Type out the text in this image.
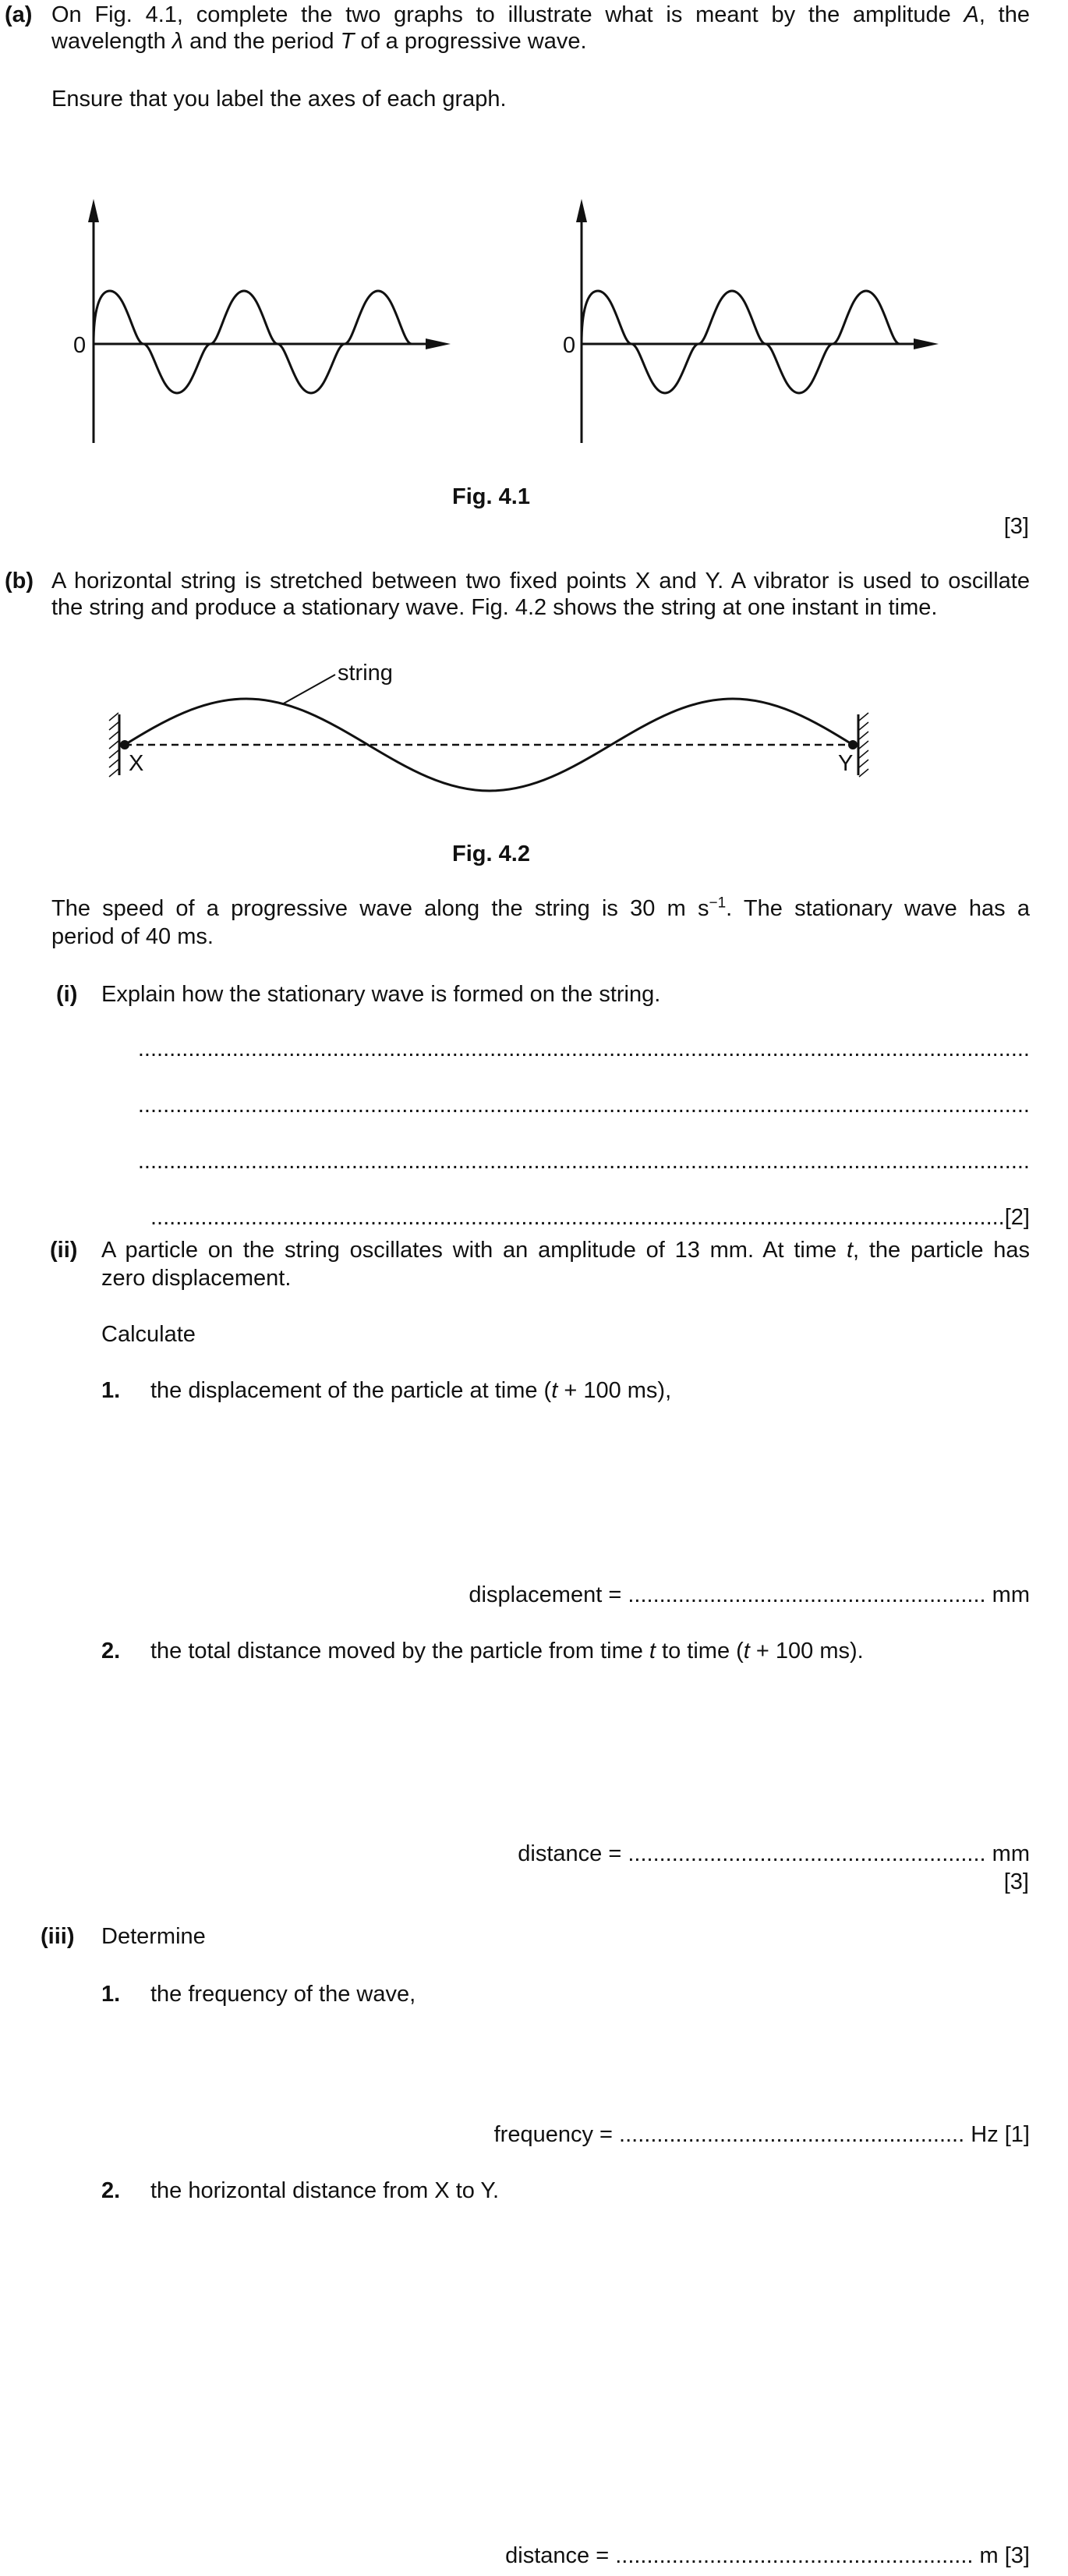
(a) On Fig. 4.1, complete the two graphs to illustrate what is meant by the amplitude A, the
wavelength λ and the period T of a progressive wave.
Ensure that you label the axes of each graph.
0	0
Fig. 4.1
[3]
(b) A horizontal string is stretched between two fixed points X and Y. A vibrator is used to oscillate
the string and produce a stationary wave. Fig. 4.2 shows the string at one instant in time.
string
X	Y
Fig. 4.2
The speed of a progressive wave along the string is 30 m $s^{-1}$. The stationary wave has a
period of 40 ms.
(i) Explain how the stationary wave is formed on the string.
..............................................................................................................................................
..............................................................................................................................................
..............................................................................................................................................
........................................................................................................................................[2]
(ii) A particle on the string oscillates with an amplitude of 13 mm. At time t, the particle has
zero displacement.
Calculate
1. the displacement of the particle at time (t + 100 ms),
displacement = ......................................................... mm
2. the total distance moved by the particle from time t to time (t + 100 ms).
distance = ......................................................... mm
[3]
(iii) Determine
1. the frequency of the wave,
frequency = ....................................................... Hz [1]
2. the horizontal distance from X to Y.
distance = ......................................................... m [3]
